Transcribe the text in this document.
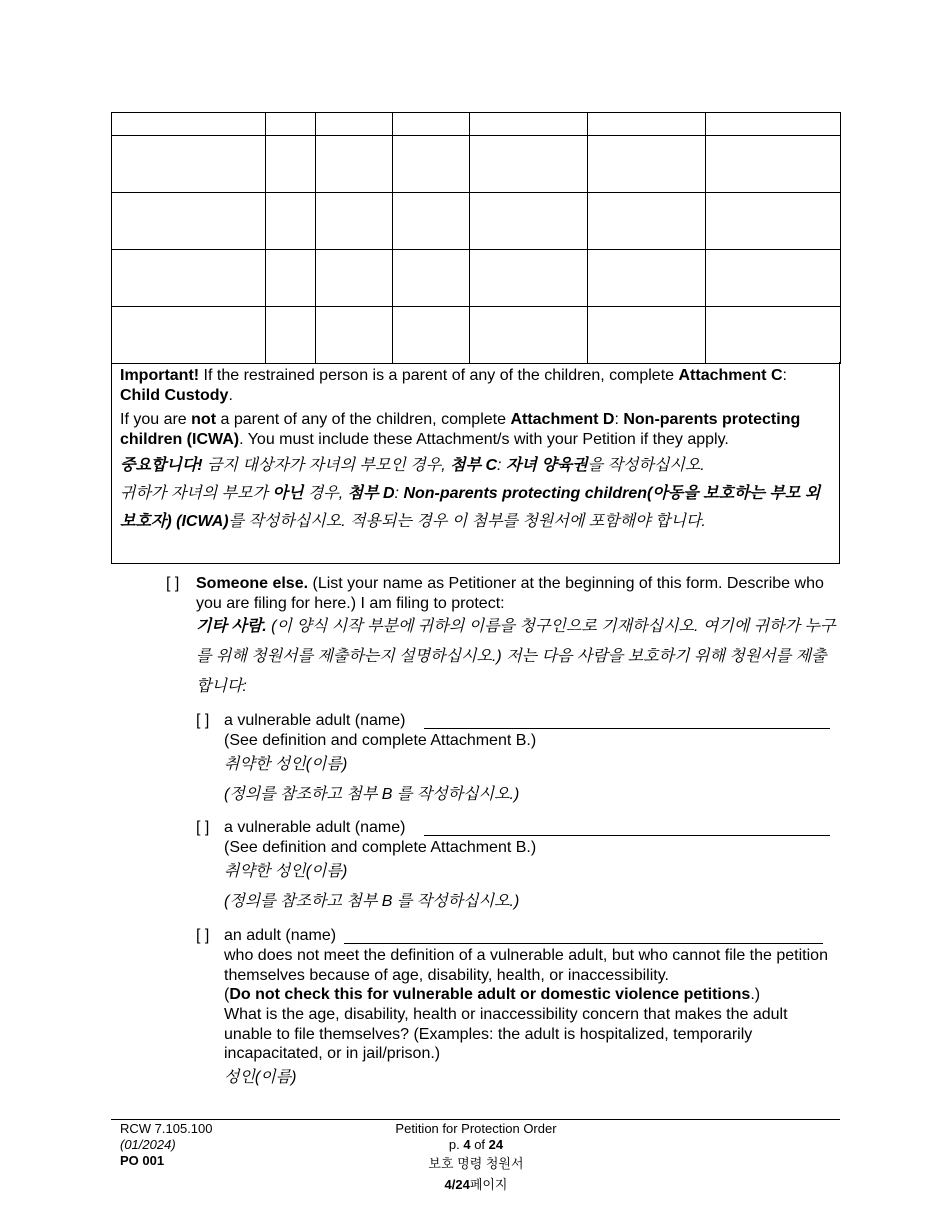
Important! If the restrained person is a parent of any of the children, complete Attachment C: Child Custody.

If you are not a parent of any of the children, complete Attachment D: Non-parents protecting children (ICWA). You must include these Attachment/s with your Petition if they apply.

중요합니다! 금지 대상자가 자녀의 부모인 경우, 첨부 C: 자녀 양육권을 작성하십시오.

귀하가 자녀의 부모가 아닌 경우, 첨부 D: Non-parents protecting children(아동을 보호하는 부모 외 보호자) (ICWA)를 작성하십시오. 적용되는 경우 이 첨부를 청원서에 포함해야 합니다.

[ ] Someone else. (List your name as Petitioner at the beginning of this form. Describe who you are filing for here.) I am filing to protect:
기타 사람. (이 양식 시작 부분에 귀하의 이름을 청구인으로 기재하십시오. 여기에 귀하가 누구를 위해 청원서를 제출하는지 설명하십시오.) 저는 다음 사람을 보호하기 위해 청원서를 제출합니다:
[ ] a vulnerable adult (name)
(See definition and complete Attachment B.)
취약한 성인(이름)
(정의를 참조하고 첨부 B 를 작성하십시오.)
[ ] a vulnerable adult (name)
(See definition and complete Attachment B.)
취약한 성인(이름)
(정의를 참조하고 첨부 B 를 작성하십시오.)
[ ] an adult (name)
who does not meet the definition of a vulnerable adult, but who cannot file the petition themselves because of age, disability, health, or inaccessibility.
(Do not check this for vulnerable adult or domestic violence petitions.)
What is the age, disability, health or inaccessibility concern that makes the adult unable to file themselves? (Examples: the adult is hospitalized, temporarily incapacitated, or in jail/prison.)
성인(이름)
RCW 7.105.100
(01/2024)
PO 001
Petition for Protection Order
p. 4 of 24
보호 명령 청원서
4/24페이지
